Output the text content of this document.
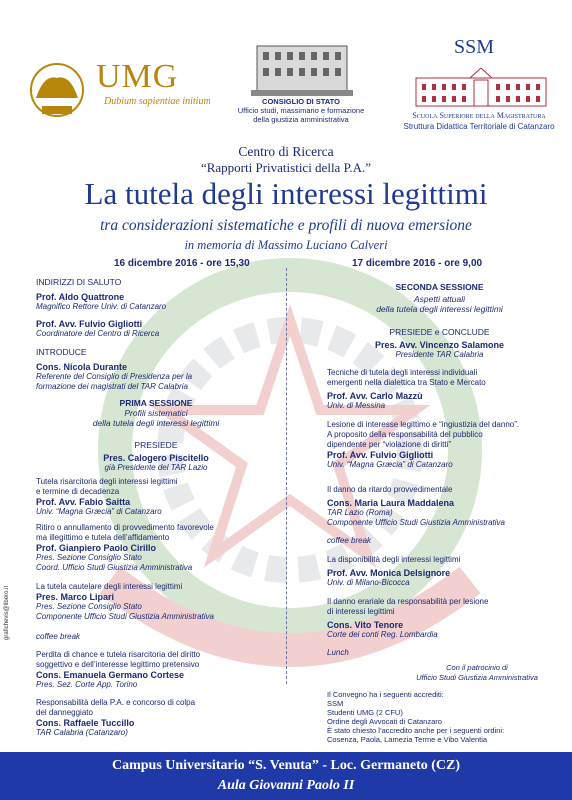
UMG
Dubium sapientiae initium	CONSIGLIO DI STATO
Ufficio studi, massimario e formazione
della giustizia amministrativa
SSM
Scuola Superiore della Magistratura
Struttura Didattica Territoriale di Catanzaro
Centro di Ricerca
“Rapporti Privatistici della P.A.”
La tutela degli interessi legittimi
tra considerazioni sistematiche e profili di nuova emersione
in memoria di Massimo Luciano Calveri
16 dicembre 2016 - ore 15,30	17 dicembre 2016 - ore 9,00
INDIRIZZI DI SALUTO
Prof. Aldo Quattrone
Magnifico Rettore Univ. di Catanzaro
Prof. Avv. Fulvio Gigliotti
Coordinatore del Centro di Ricerca
INTRODUCE
Cons. Nicola Durante
Referente del Consiglio di Presidenza per la
formazione dei magistrati del TAR Calabria
PRIMA SESSIONE
Profili sistematici
della tutela degli interessi legittimi
PRESIEDE
Pres. Calogero Piscitello
già Presidente del TAR Lazio
Tutela risarcitoria degli interessi legittimi
e termine di decadenza
Prof. Avv. Fabio Saitta
Univ. “Magna Græcia” di Catanzaro
Ritiro o annullamento di provvedimento favorevole
ma illegittimo e tutela dell’affidamento
Prof. Gianpiero Paolo Cirillo
Pres. Sezione Consiglio Stato
Coord. Ufficio Studi Giustizia Amministrativa
La tutela cautelare degli interessi legittimi
Pres. Marco Lipari
Pres. Sezione Consiglio Stato
Componente Ufficio Studi Giustizia Amministrativa
coffee break
Perdita di chance e tutela risarcitoria del diritto
soggettivo e dell’interesse legittimo pretensivo
Cons. Emanuela Germano Cortese
Pres. Sez. Corte App. Torino
Responsabilità della P.A. e concorso di colpa
del danneggiato
Cons. Raffaele Tuccillo
TAR Calabria (Catanzaro)
SECONDA SESSIONE
Aspetti attuali
della tutela degli interessi legittimi
PRESIEDE e CONCLUDE
Pres. Avv. Vincenzo Salamone
Presidente TAR Calabria
Tecniche di tutela degli interessi individuali
emergenti nella dialettica tra Stato e Mercato
Prof. Avv. Carlo Mazzù
Univ. di Messina
Lesione di interesse legittimo e “ingiustizia del danno”.
A proposito della responsabilità del pubblico
dipendente per “violazione di diritti”
Prof. Avv. Fulvio Gigliotti
Univ. “Magna Græcia” di Catanzaro
Il danno da ritardo provvedimentale
Cons. Maria Laura Maddalena
TAR Lazio (Roma)
Componente Ufficio Studi Giustizia Amministrativa
coffee break
La disponibilità degli interessi legittimi
Prof. Avv. Monica Delsignore
Univ. di Milano-Bicocca
Il danno erariale da responsabilità per lesione
di interessi legittimi
Cons. Vito Tenore
Corte dei conti Reg. Lombardia
Lunch
Con il patrocinio di
Ufficio Studi Giustizia Amministrativa
Il Convegno ha i seguenti accrediti:
SSM
Studenti UMG (2 CFU)
Ordine degli Avvocati di Catanzaro
È stato chiesto l’accredito anche per i seguenti ordini:
Cosenza, Paola, Lamezia Terme e Vibo Valentia
grafichevis@libero.it
Campus Universitario “S. Venuta” - Loc. Germaneto (CZ)
Aula Giovanni Paolo II
